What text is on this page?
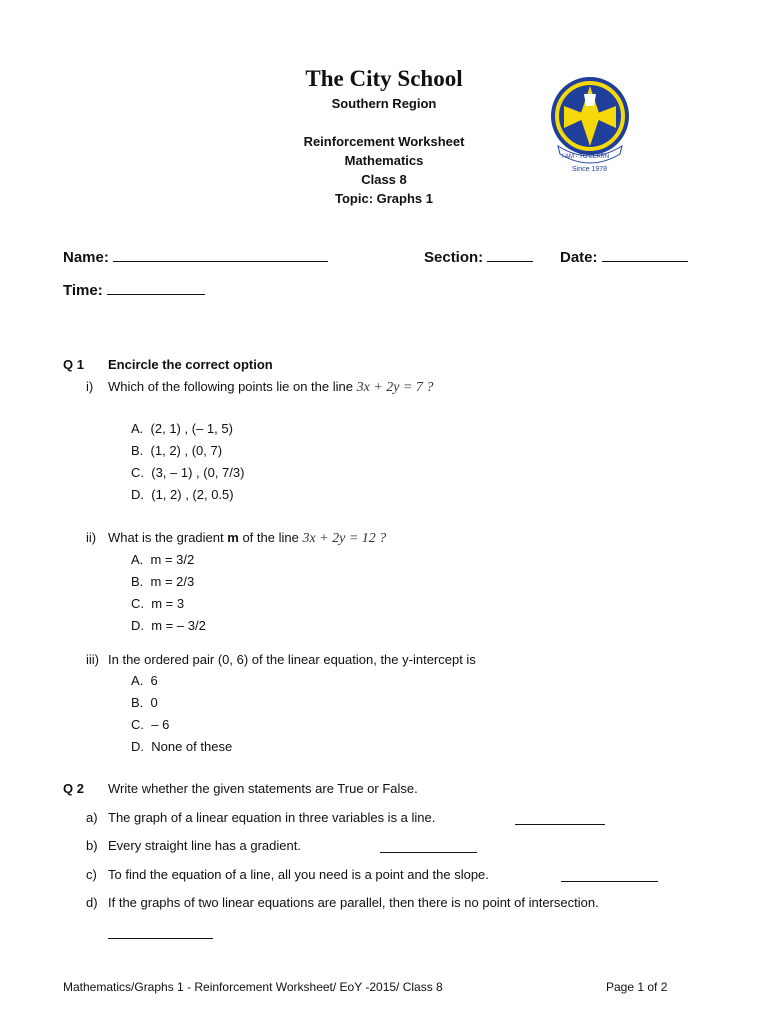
The City School
Southern Region
Reinforcement Worksheet
Mathematics
Class 8
Topic: Graphs 1
I AM - TO LEARN
Since 1978
Name:	Section:	Date:
Time:
Q 1 Encircle the correct option
i) Which of the following points lie on the line 3x + 2y = 7 ?
A. (2, 1) , (– 1, 5)
B. (1, 2) , (0, 7)
C. (3, – 1) , (0, 7/3)
D. (1, 2) , (2, 0.5)
ii) What is the gradient m of the line 3x + 2y = 12 ?
A. m = 3/2
B. m = 2/3
C. m = 3
D. m = – 3/2
iii) In the ordered pair (0, 6) of the linear equation, the y-intercept is
A. 6
B. 0
C. – 6
D. None of these
Q 2 Write whether the given statements are True or False.
a) The graph of a linear equation in three variables is a line.
b) Every straight line has a gradient.
c) To find the equation of a line, all you need is a point and the slope.
d) If the graphs of two linear equations are parallel, then there is no point of intersection.
Mathematics/Graphs 1 - Reinforcement Worksheet/ EoY -2015/ Class 8	Page 1 of 2
